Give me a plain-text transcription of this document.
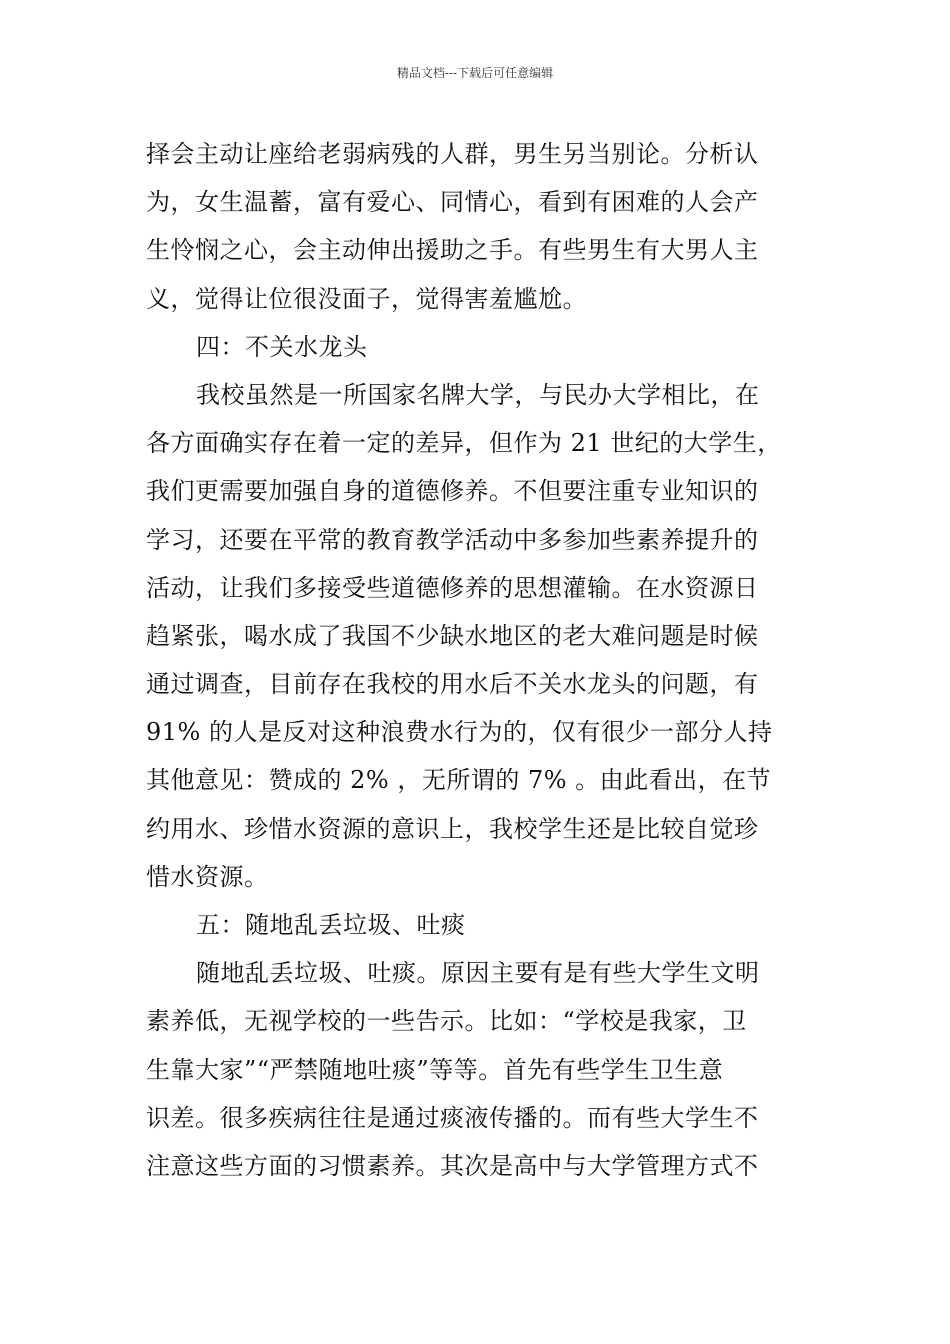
精品文档---下载后可任意编辑
择会主动让座给老弱病残的人群，男生另当别论。分析认
为，女生温蓄，富有爱心、同情心，看到有困难的人会产
生怜悯之心，会主动伸出援助之手。有些男生有大男人主
义，觉得让位很没面子，觉得害羞尴尬。
四：不关水龙头
我校虽然是一所国家名牌大学，与民办大学相比，在
各方面确实存在着一定的差异，但作为 21 世纪的大学生，
我们更需要加强自身的道德修养。不但要注重专业知识的
学习，还要在平常的教育教学活动中多参加些素养提升的
活动，让我们多接受些道德修养的思想灌输。在水资源日
趋紧张，喝水成了我国不少缺水地区的老大难问题是时候
通过调查，目前存在我校的用水后不关水龙头的问题，有
91% 的人是反对这种浪费水行为的，仅有很少一部分人持
其他意见：赞成的 2% ，无所谓的 7% 。由此看出，在节
约用水、珍惜水资源的意识上，我校学生还是比较自觉珍
惜水资源。
五：随地乱丢垃圾、吐痰
随地乱丢垃圾、吐痰。原因主要有是有些大学生文明
素养低，无视学校的一些告示。比如：“学校是我家，卫
生靠大家”“严禁随地吐痰”等等。首先有些学生卫生意
识差。很多疾病往往是通过痰液传播的。而有些大学生不
注意这些方面的习惯素养。其次是高中与大学管理方式不
